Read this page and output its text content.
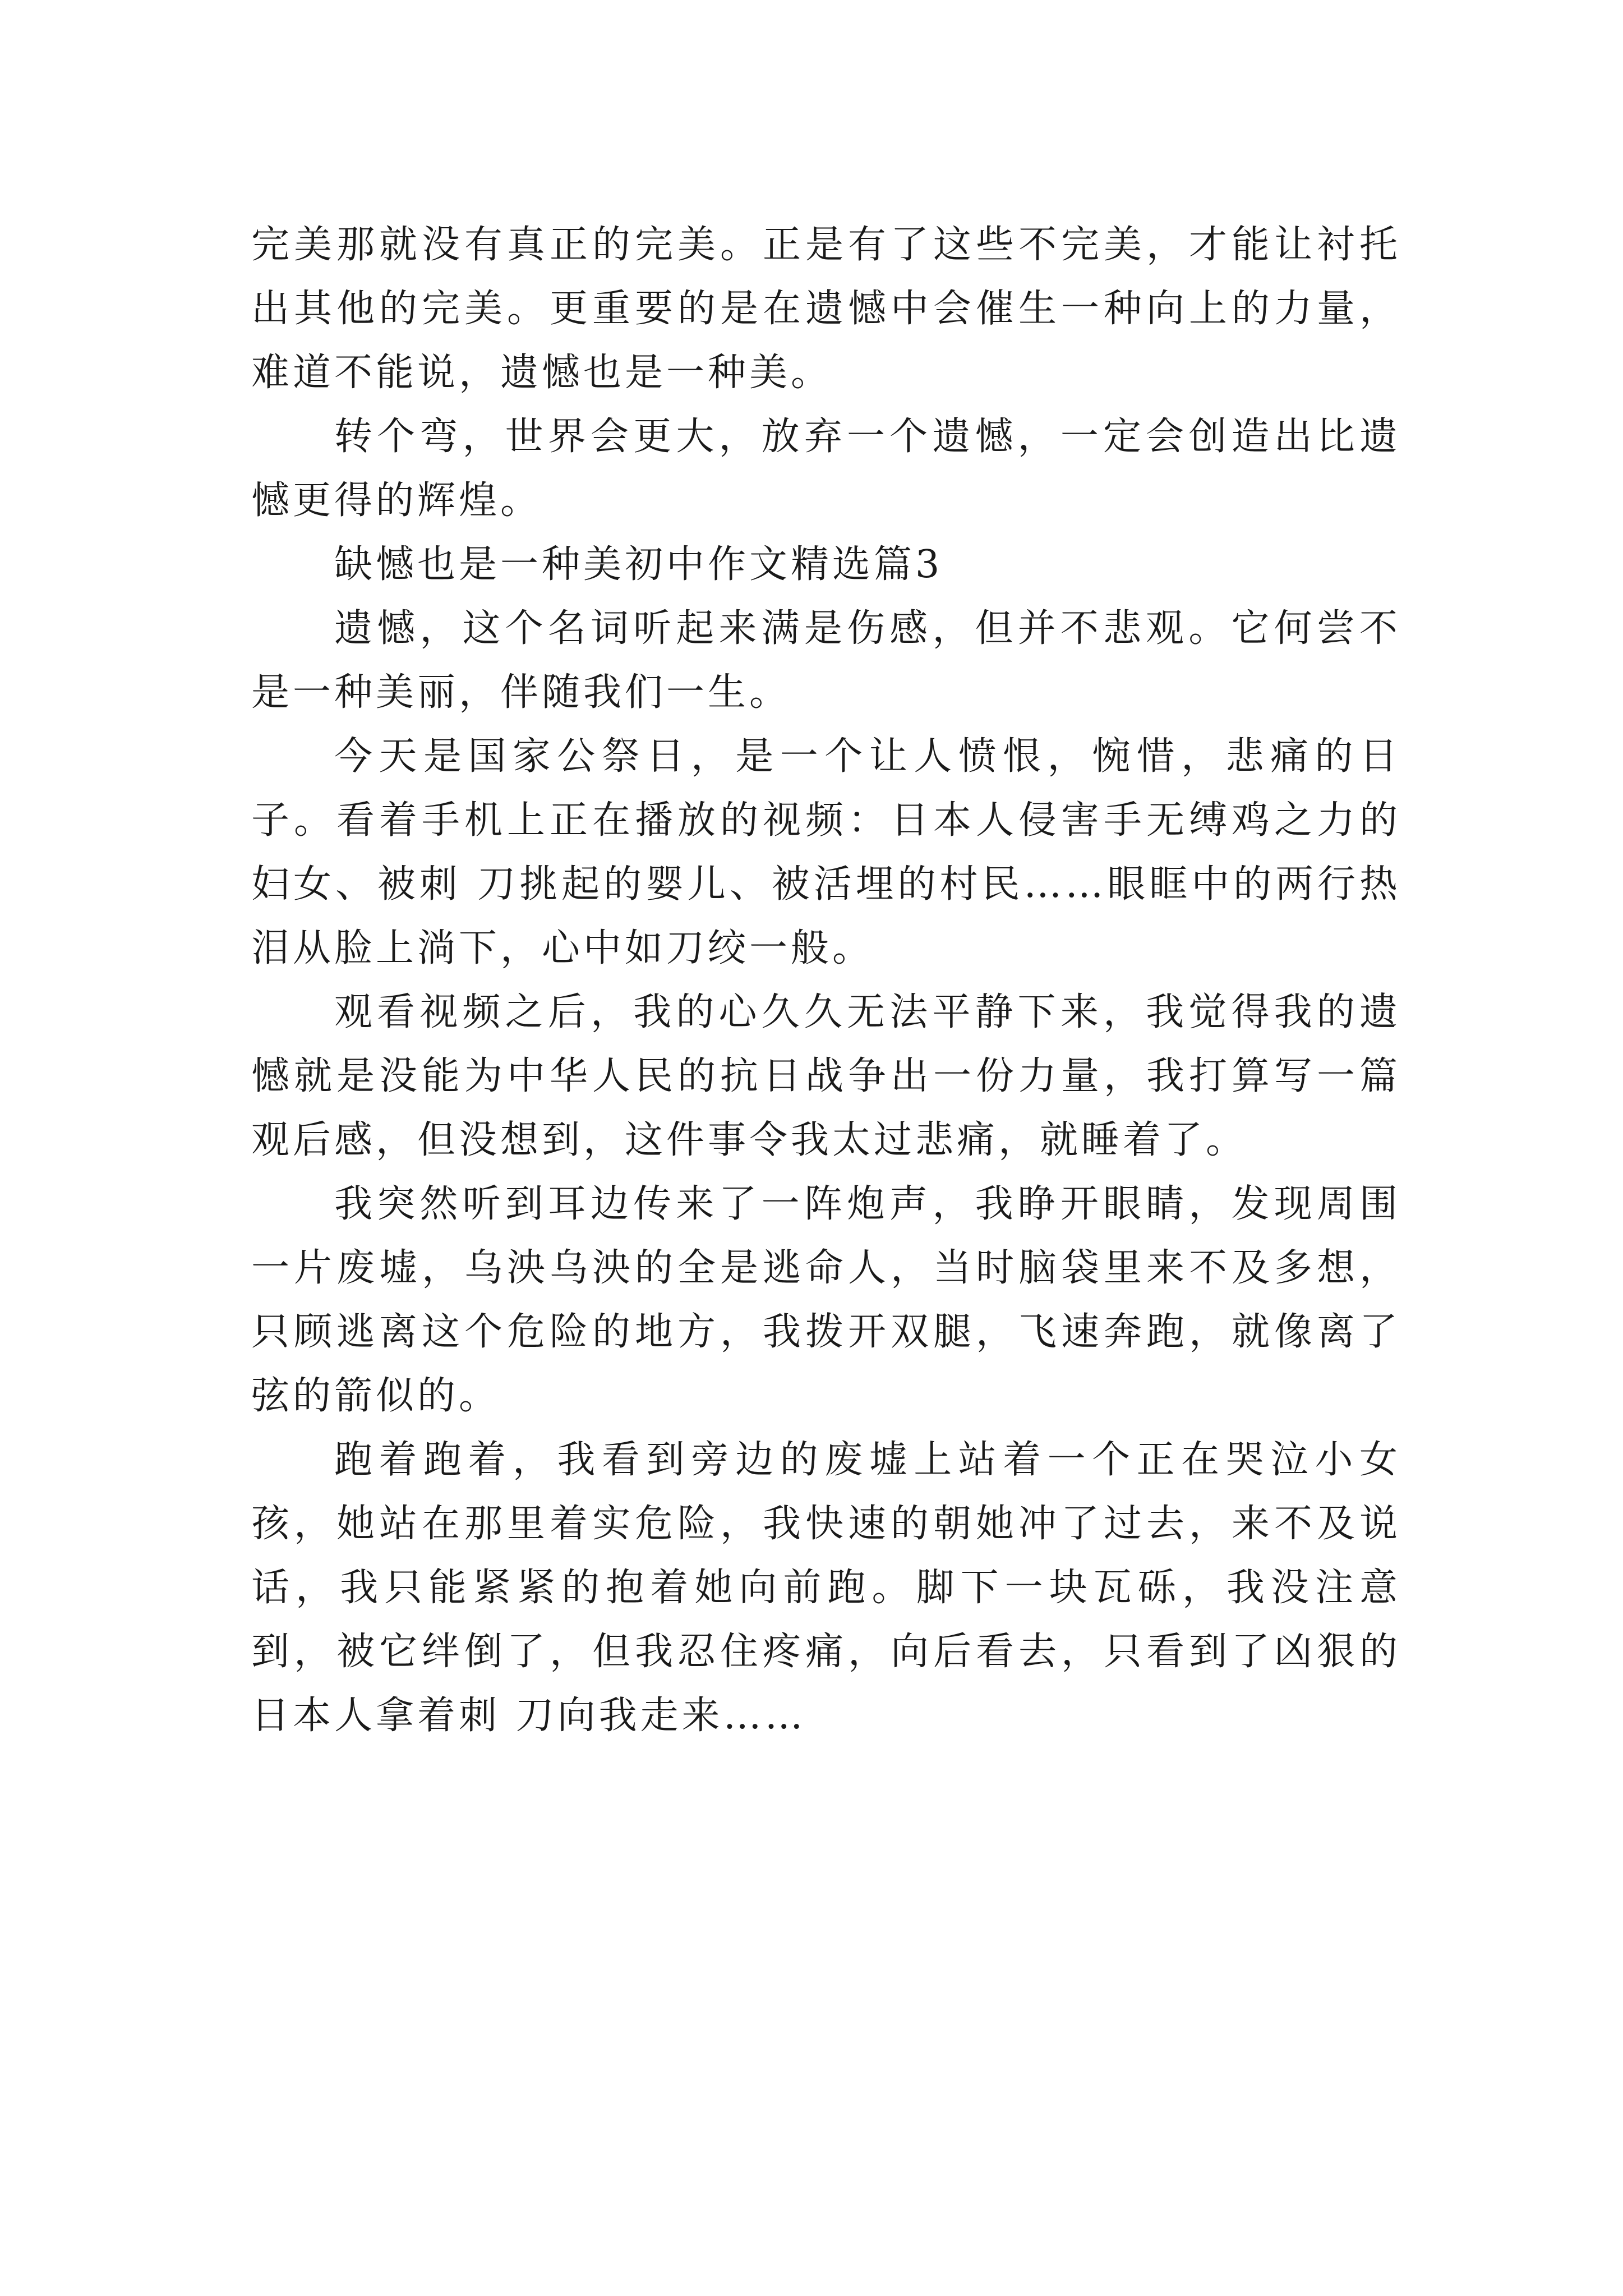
完美那就没有真正的完美。正是有了这些不完美，才能让衬托出其他的完美。更重要的是在遗憾中会催生一种向上的力量，难道不能说，遗憾也是一种美。

转个弯，世界会更大，放弃一个遗憾，一定会创造出比遗憾更得的辉煌。

缺憾也是一种美初中作文精选篇3

遗憾，这个名词听起来满是伤感，但并不悲观。它何尝不是一种美丽，伴随我们一生。

今天是国家公祭日，是一个让人愤恨，惋惜，悲痛的日子。看着手机上正在播放的视频：日本人侵害手无缚鸡之力的妇女、被刺 刀挑起的婴儿、被活埋的村民……眼眶中的两行热泪从脸上淌下，心中如刀绞一般。

观看视频之后，我的心久久无法平静下来，我觉得我的遗憾就是没能为中华人民的抗日战争出一份力量，我打算写一篇观后感，但没想到，这件事令我太过悲痛，就睡着了。

我突然听到耳边传来了一阵炮声，我睁开眼睛，发现周围一片废墟，乌泱乌泱的全是逃命人，当时脑袋里来不及多想，只顾逃离这个危险的地方，我拨开双腿，飞速奔跑，就像离了弦的箭似的。

跑着跑着，我看到旁边的废墟上站着一个正在哭泣小女孩，她站在那里着实危险，我快速的朝她冲了过去，来不及说话，我只能紧紧的抱着她向前跑。脚下一块瓦砾，我没注意到，被它绊倒了，但我忍住疼痛，向后看去，只看到了凶狠的日本人拿着刺 刀向我走来……
